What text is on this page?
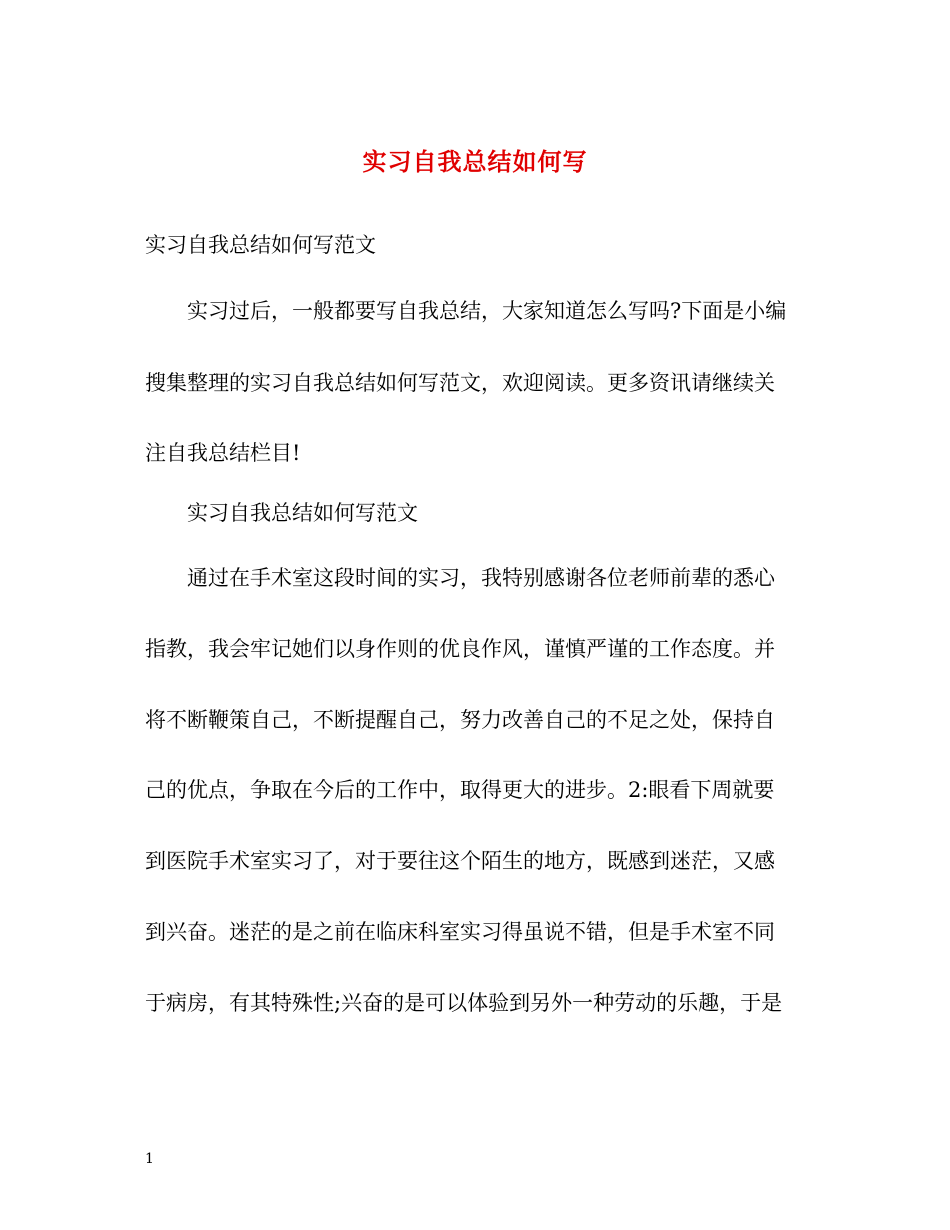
实习自我总结如何写

实习自我总结如何写范文

实习过后，一般都要写自我总结，大家知道怎么写吗?下面是小编

搜集整理的实习自我总结如何写范文，欢迎阅读。更多资讯请继续关

注自我总结栏目!

实习自我总结如何写范文

通过在手术室这段时间的实习，我特别感谢各位老师前辈的悉心

指教，我会牢记她们以身作则的优良作风，谨慎严谨的工作态度。并

将不断鞭策自己，不断提醒自己，努力改善自己的不足之处，保持自

己的优点，争取在今后的工作中，取得更大的进步。2:眼看下周就要

到医院手术室实习了，对于要往这个陌生的地方，既感到迷茫，又感

到兴奋。迷茫的是之前在临床科室实习得虽说不错，但是手术室不同

于病房，有其特殊性;兴奋的是可以体验到另外一种劳动的乐趣，于是

1
